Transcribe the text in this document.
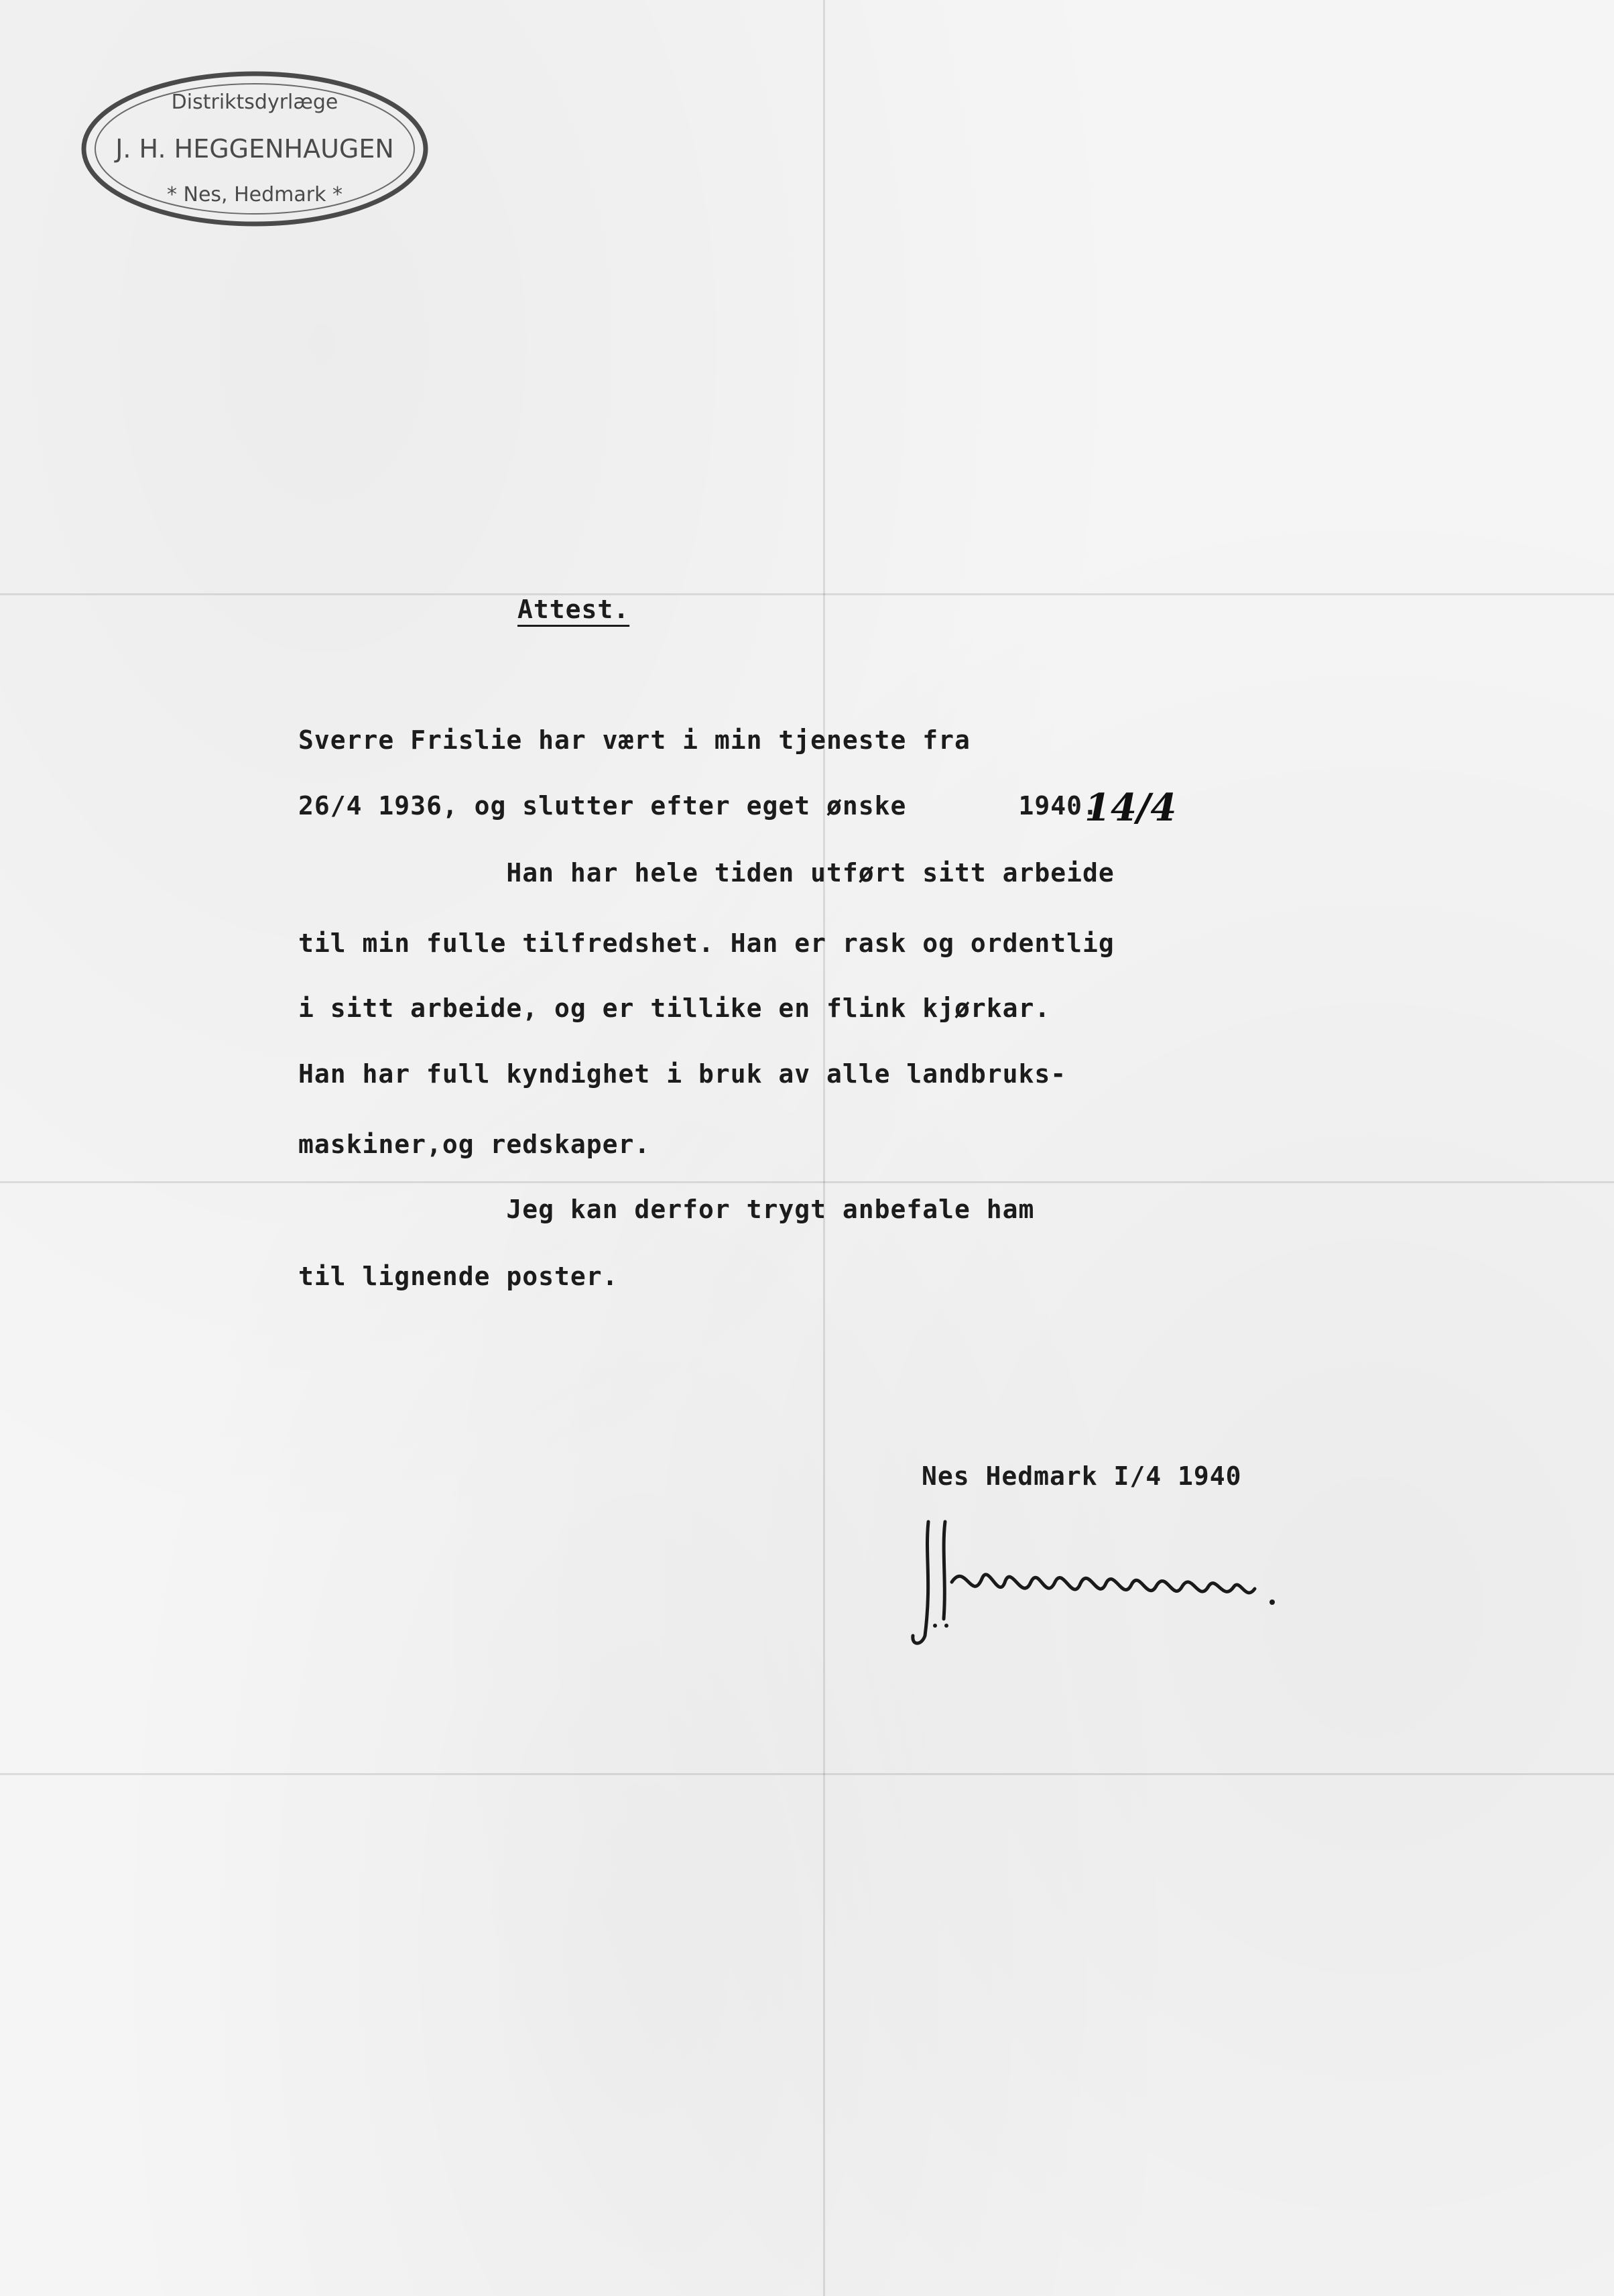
Distriktsdyrlæge
J. H. HEGGENHAUGEN
* Nes, Hedmark *
Attest.
Sverre Frislie har vært i min tjeneste fra
26/4 1936, og slutter efter eget ønske       1940.
14/4
Han har hele tiden utført sitt arbeide
til min fulle tilfredshet. Han er rask og ordentlig
i sitt arbeide, og er tillike en flink kjørkar.
Han har full kyndighet i bruk av alle landbruks-
maskiner,og redskaper.
Jeg kan derfor trygt anbefale ham
til lignende poster.
Nes Hedmark I/4 1940
